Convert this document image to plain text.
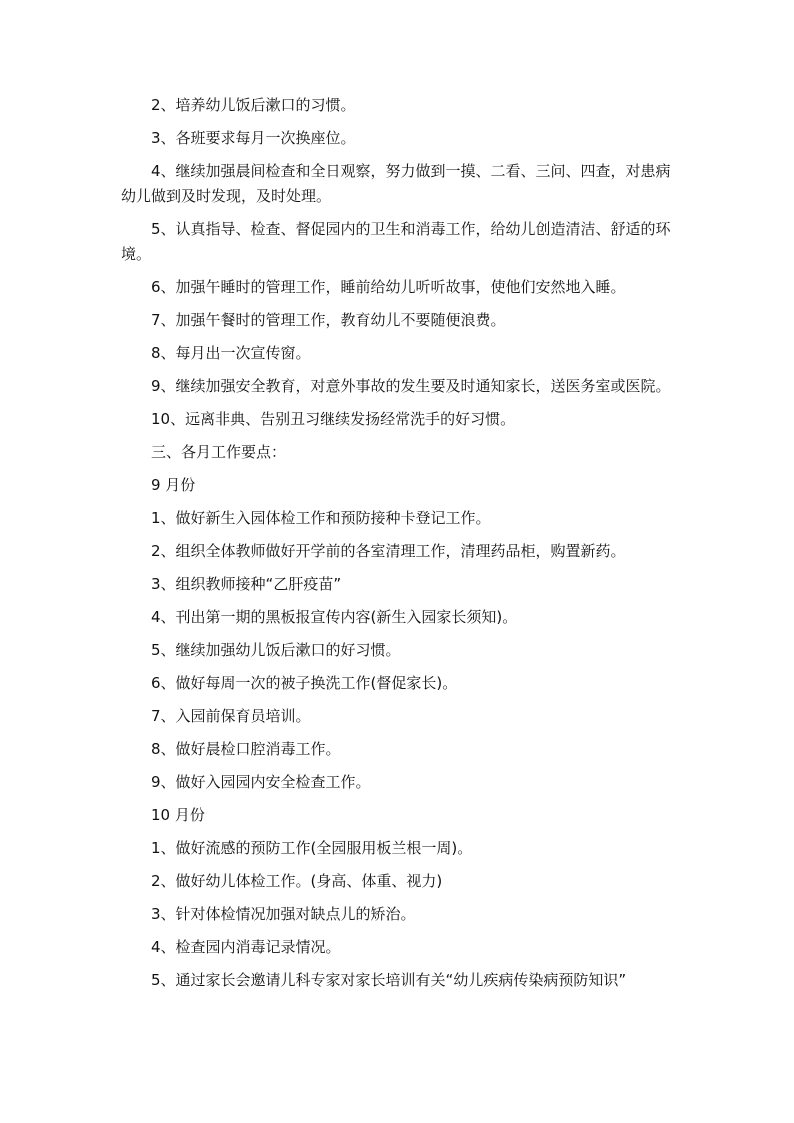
2、培养幼儿饭后漱口的习惯。

3、各班要求每月一次换座位。

4、继续加强晨间检查和全日观察，努力做到一摸、二看、三问、四查，对患病幼儿做到及时发现，及时处理。

5、认真指导、检查、督促园内的卫生和消毒工作，给幼儿创造清洁、舒适的环境。

6、加强午睡时的管理工作，睡前给幼儿听听故事，使他们安然地入睡。

7、加强午餐时的管理工作，教育幼儿不要随便浪费。

8、每月出一次宣传窗。

9、继续加强安全教育，对意外事故的发生要及时通知家长，送医务室或医院。

10、远离非典、告别丑习继续发扬经常洗手的好习惯。

三、各月工作要点：

9 月份

1、做好新生入园体检工作和预防接种卡登记工作。

2、组织全体教师做好开学前的各室清理工作，清理药品柜，购置新药。

3、组织教师接种“乙肝疫苗”

4、刊出第一期的黑板报宣传内容(新生入园家长须知)。

5、继续加强幼儿饭后漱口的好习惯。

6、做好每周一次的被子换洗工作(督促家长)。

7、入园前保育员培训。

8、做好晨检口腔消毒工作。

9、做好入园园内安全检查工作。

10 月份

1、做好流感的预防工作(全园服用板兰根一周)。

2、做好幼儿体检工作。(身高、体重、视力)

3、针对体检情况加强对缺点儿的矫治。

4、检查园内消毒记录情况。

5、通过家长会邀请儿科专家对家长培训有关“幼儿疾病传染病预防知识”
